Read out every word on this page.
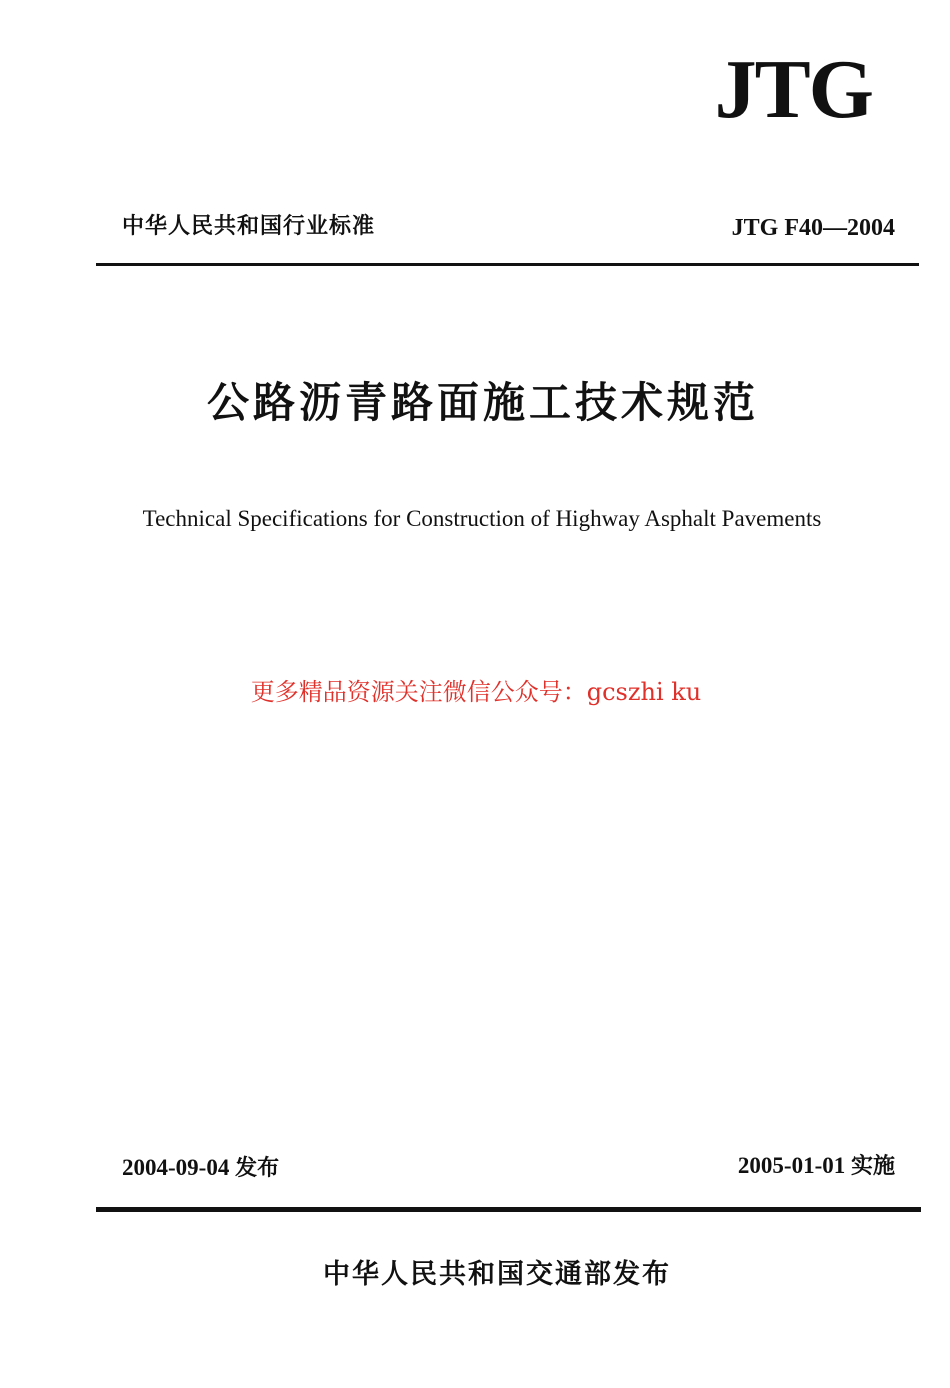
JTG
中华人民共和国行业标准	JTG F40—2004
公路沥青路面施工技术规范
Technical Specifications for Construction of Highway Asphalt Pavements
更多精品资源关注微信公众号：gcszhi ku
2004-09-04 发布	2005-01-01 实施
中华人民共和国交通部发布
